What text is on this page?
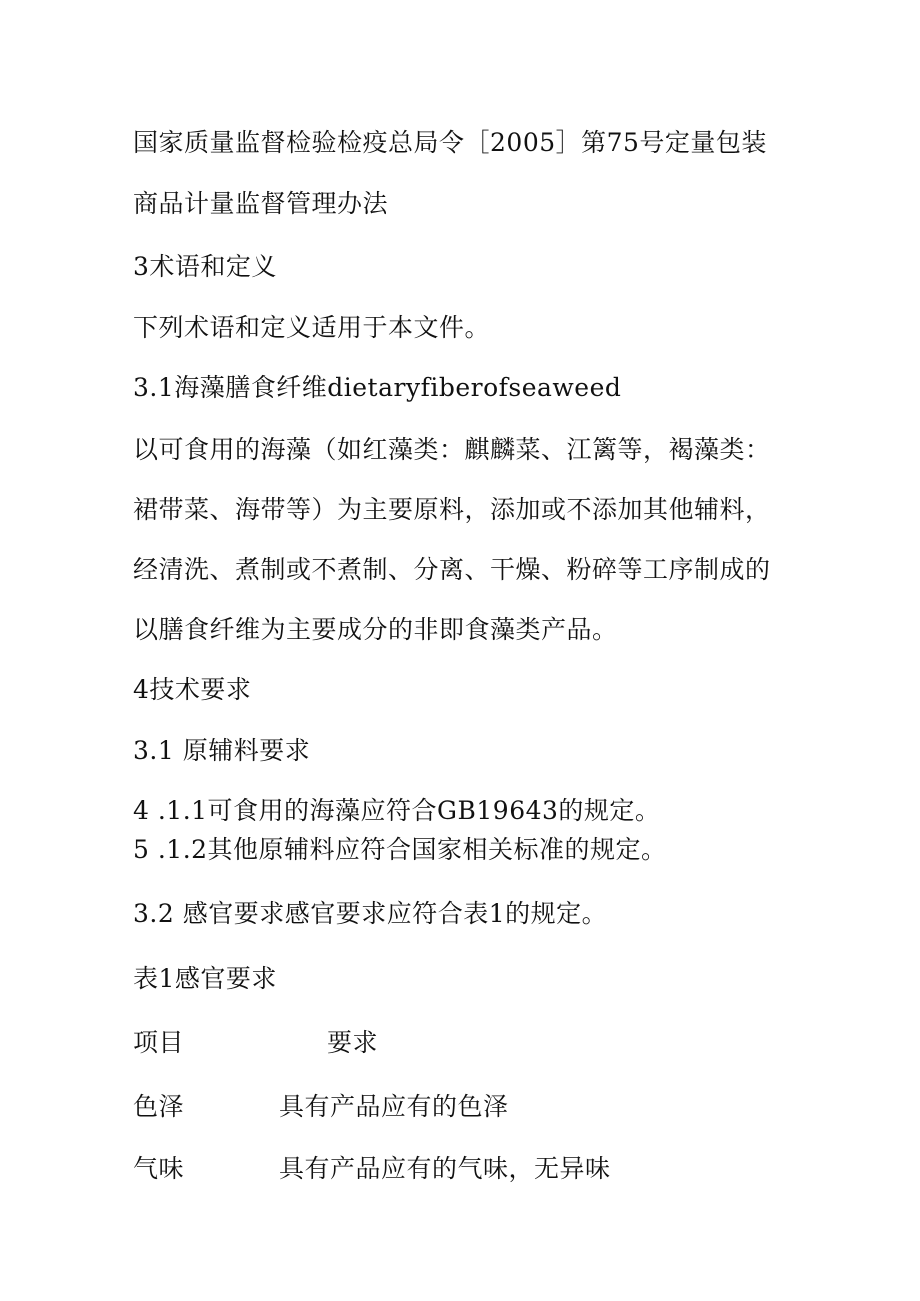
国家质量监督检验检疫总局令［2005］第75号定量包装
商品计量监督管理办法
3术语和定义
下列术语和定义适用于本文件。
3.1海藻膳食纤维dietaryfiberofseaweed
以可食用的海藻（如红藻类：麒麟菜、江篱等，褐藻类：
裙带菜、海带等）为主要原料，添加或不添加其他辅料，
经清洗、煮制或不煮制、分离、干燥、粉碎等工序制成的
以膳食纤维为主要成分的非即食藻类产品。
4技术要求
3.1 原辅料要求
4 .1.1可食用的海藻应符合GB19643的规定。
5 .1.2其他原辅料应符合国家相关标准的规定。
3.2 感官要求感官要求应符合表1的规定。
表1感官要求
项目	要求
色泽	具有产品应有的色泽
气味	具有产品应有的气味，无异味
